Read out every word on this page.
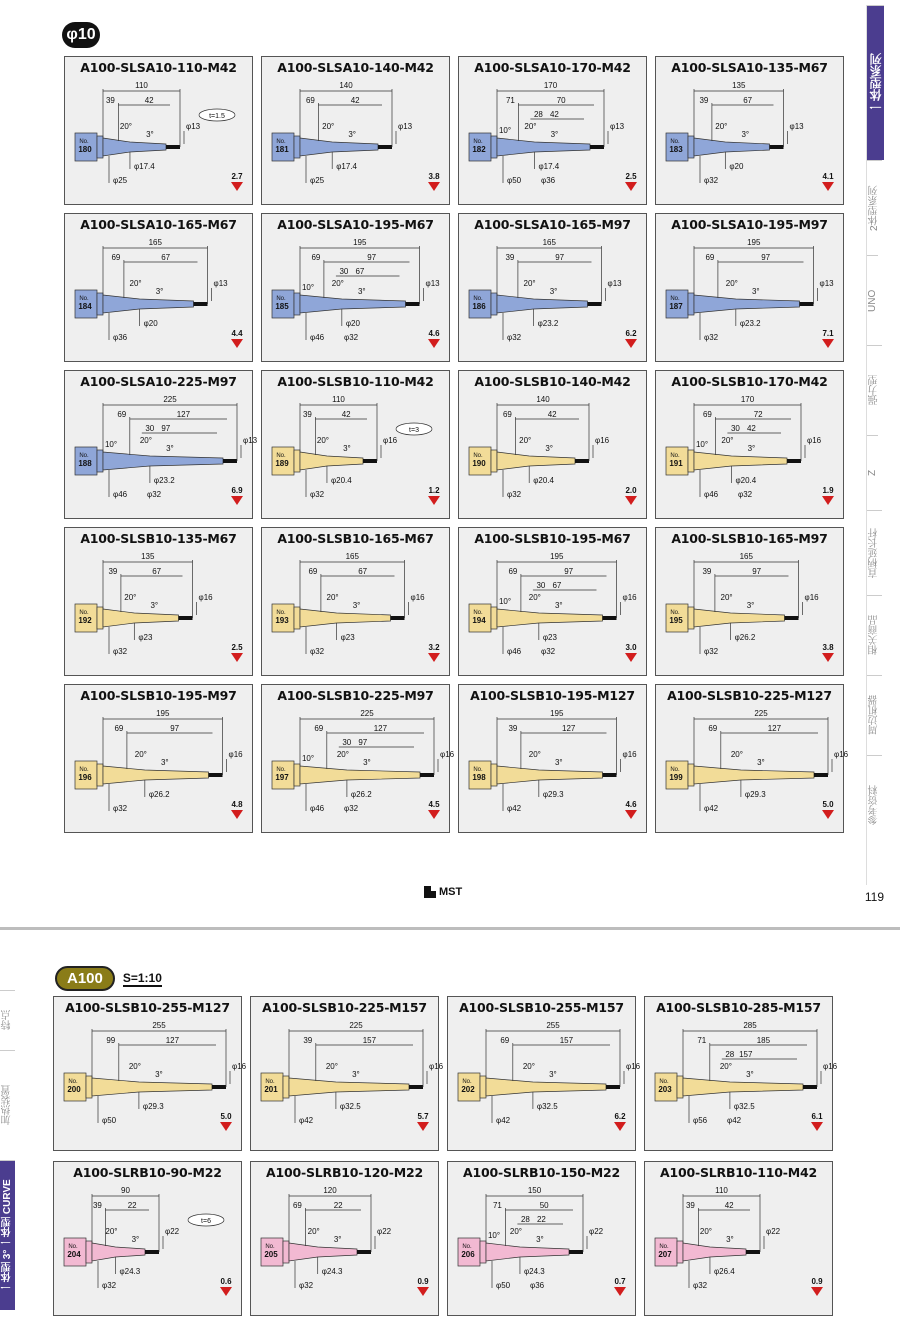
φ10
A100-SLSA10-110-M42
No.
180
110
39	42
20°
3°
φ13
φ17.4
φ25
t=1.5
2.7
A100-SLSA10-140-M42
No.
181
140
69	42
20°
3°
φ13
φ17.4
φ25	3.8
A100-SLSA10-170-M42
No.
182
170
71	70
28 42
10° 20°
3°
φ13
φ17.4
φ50 φ36	2.5
A100-SLSA10-135-M67
No.
183
135
39	67
20°
3°
φ13
φ20
φ32	4.1
A100-SLSA10-165-M67
No.
184
165
69	67
20°
3°
φ13
φ20
φ36	4.4
A100-SLSA10-195-M67
No.
185
195
69	97
30 67
10° 20°
3°
φ13
φ20
φ46 φ32	4.6
A100-SLSA10-165-M97
No.
186
165
39	97
20°
3°
φ13
φ23.2
φ32	6.2
A100-SLSA10-195-M97
No.
187
195
69	97
20°
3°
φ13
φ23.2
φ32	7.1
A100-SLSA10-225-M97
No.
188
225
69	127
30 97
10°	20°
3°
φ13
φ23.2
φ46 φ32	6.9
A100-SLSB10-110-M42
No.
189
110
39	42
20°
3°
φ16
φ20.4
φ32
t=3
1.2
A100-SLSB10-140-M42
No.
190
140
69	42
20°
3°
φ16
φ20.4
φ32	2.0
A100-SLSB10-170-M42
No.
191
170
69	72
30 42
10° 20°
3°
φ16
φ20.4
φ46 φ32	1.9
A100-SLSB10-135-M67
No.
192
135
39	67
20°
3°
φ16
φ23
φ32	2.5
A100-SLSB10-165-M67
No.
193
165
69	67
20°
3°
φ16
φ23
φ32	3.2
A100-SLSB10-195-M67
No.
194
195
69	97
30 67
10° 20°
3°
φ16
φ23
φ46 φ32	3.0
A100-SLSB10-165-M97
No.
195
165
39	97
20°
3°
φ16
φ26.2
φ32	3.8
A100-SLSB10-195-M97
No.
196
195
69	97
20°
3°
φ16
φ26.2
φ32	4.8
A100-SLSB10-225-M97
No.
197
225
69	127
30 97
10°	20°
3°
φ16
φ26.2
φ46 φ32	4.5
A100-SLSB10-195-M127
No.
198
195
39	127
20°
3°
φ16
φ29.3
φ42	4.6
A100-SLSB10-225-M127
No.
199
225
69	127
20°
3°
φ16
φ29.3
φ42	5.0
MST	119
一体型系列
2体型系列
UNO
强力型
Z
直柄延长杆
相关商品
周边机器
参考资料
A100	S=1:10
A100-SLSB10-255-M127
No.
200
255
99	127
20°
3°
φ16
φ29.3
φ50	5.0
A100-SLSB10-225-M157
No.
201
225
39	157
20°
3°
φ16
φ32.5
φ42	5.7
A100-SLSB10-255-M157
No.
202
255
69	157
20°
3°
φ16
φ32.5
φ42	6.2
A100-SLSB10-285-M157
No.
203
285
71	185
28 157
20°
3°
φ16
φ32.5
φ56 φ42	6.1
A100-SLRB10-90-M22
No.
204
90
39	22
20°
3°
φ22
φ24.3
φ32
t=6
0.6
A100-SLRB10-120-M22
No.
205
120
69	22
20°
3°
φ22
φ24.3
φ32	0.9
A100-SLRB10-150-M22
No.
206
150
71	50
28 22
10° 20°
3°
φ22
φ24.3
φ50 φ36	0.7
A100-SLRB10-110-M42
No.
207
110
39	42
20°
3°
φ22
φ26.4
φ32	0.9
特点
加热装置
一体型 3° 一体型 CURVE
